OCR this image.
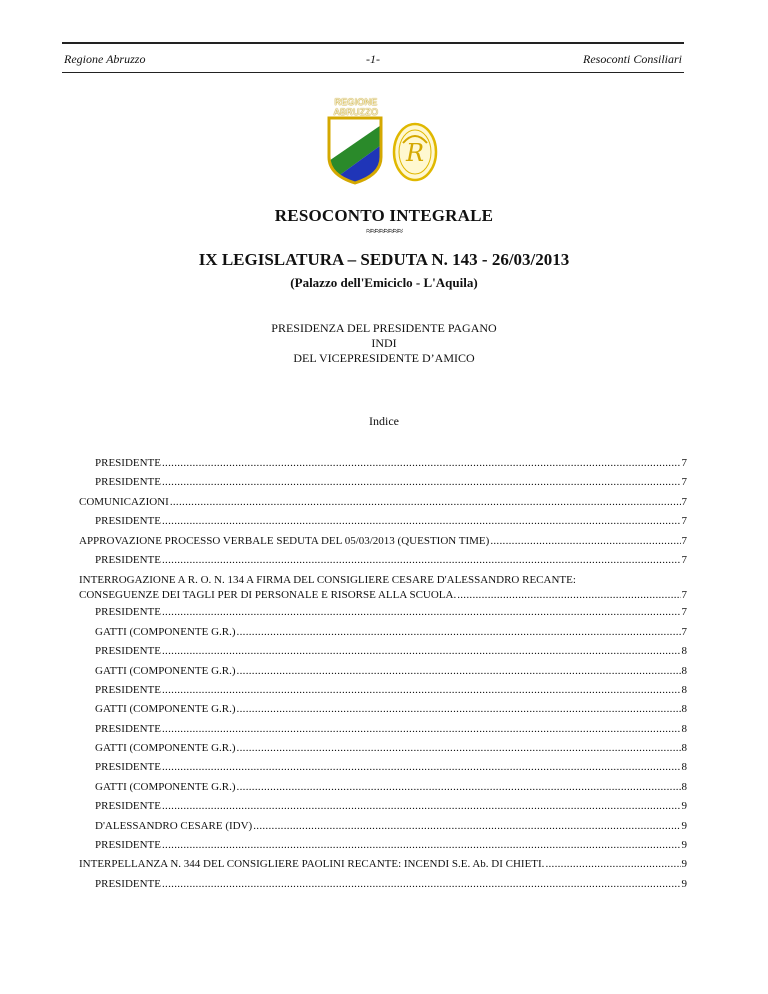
Regione Abruzzo	-1-	Resoconti Consiliari
REGIONE
ABRUZZO
R
RESOCONTO INTEGRALE
≈≈≈≈≈≈≈≈
IX LEGISLATURA – SEDUTA N. 143 - 26/03/2013
(Palazzo dell'Emiciclo - L'Aquila)
PRESIDENZA DEL PRESIDENTE PAGANO
INDI
DEL VICEPRESIDENTE D’AMICO
Indice
PRESIDENTE .....	7
PRESIDENTE .....	7
COMUNICAZIONI .....	7
PRESIDENTE .....	7
APPROVAZIONE PROCESSO VERBALE SEDUTA DEL 05/03/2013 (QUESTION TIME) .....	7
PRESIDENTE .....	7
INTERROGAZIONE A R. O. N. 134 A FIRMA DEL CONSIGLIERE CESARE D'ALESSANDRO RECANTE:
CONSEGUENZE DEI TAGLI PER DI PERSONALE E RISORSE ALLA SCUOLA. .....	7
PRESIDENTE .....	7
GATTI (COMPONENTE G.R.) .....	7
PRESIDENTE .....	8
GATTI (COMPONENTE G.R.) .....	8
PRESIDENTE .....	8
GATTI (COMPONENTE G.R.) .....	8
PRESIDENTE .....	8
GATTI (COMPONENTE G.R.) .....	8
PRESIDENTE .....	8
GATTI (COMPONENTE G.R.) .....	8
PRESIDENTE .....	9
D'ALESSANDRO CESARE (IDV) .....	9
PRESIDENTE .....	9
INTERPELLANZA N. 344 DEL CONSIGLIERE PAOLINI RECANTE: INCENDI S.E. Ab. DI CHIETI. .....	9
PRESIDENTE .....	9
